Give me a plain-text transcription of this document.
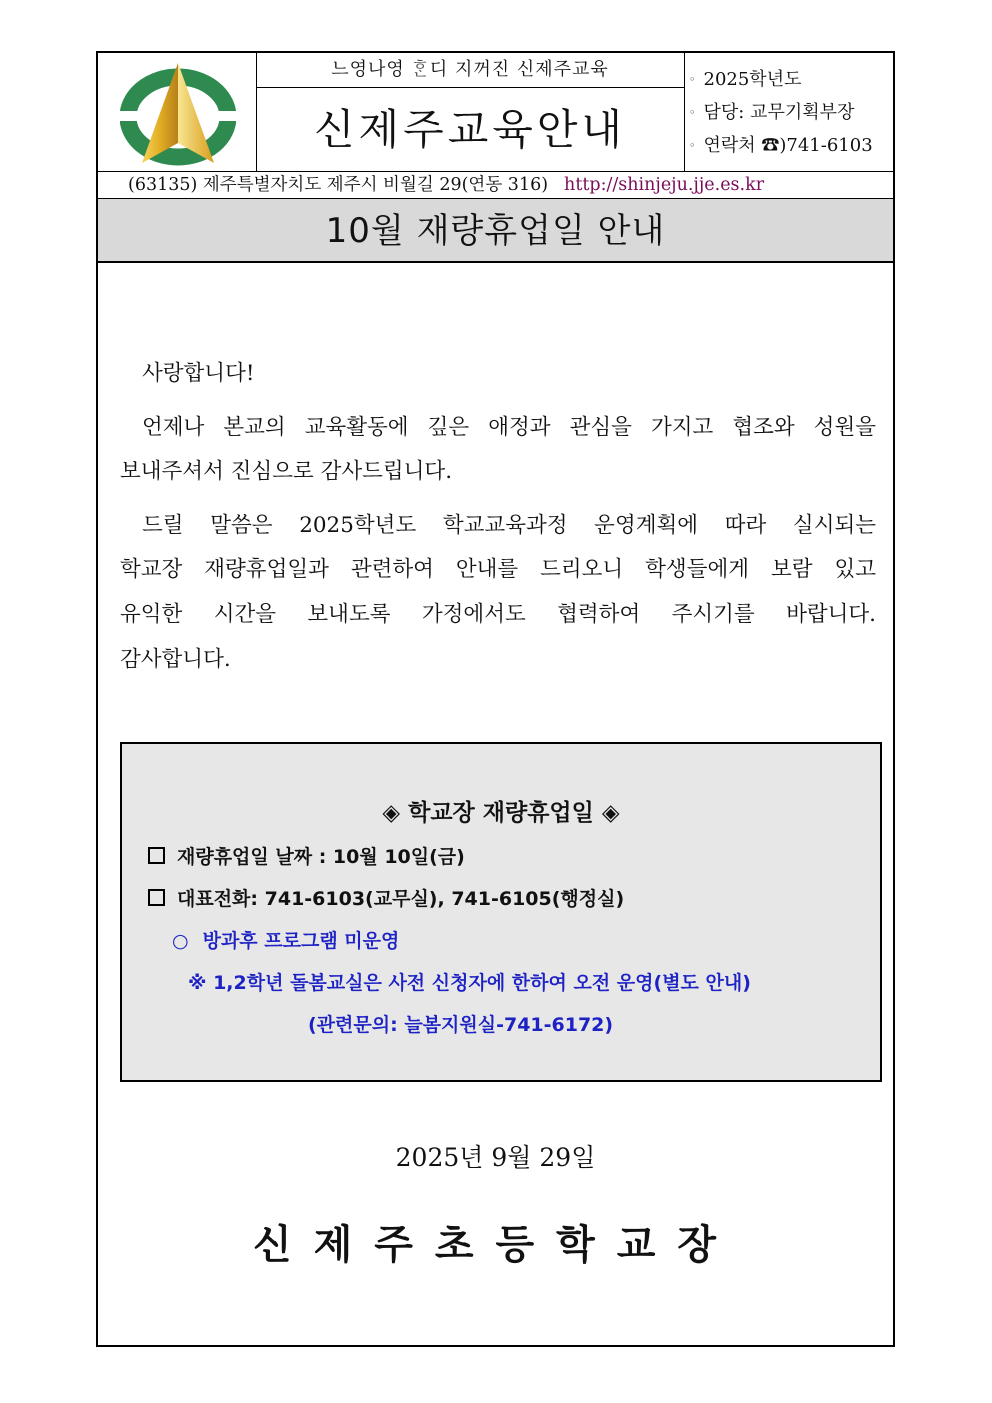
느영나영 ᄒᆞᆫ디 지꺼진 신제주교육
신제주교육안내
◦ 2025학년도
◦ 담당: 교무기획부장
◦ 연락처 ☎)741-6103
(63135) 제주특별자치도 제주시 비월길 29(연동 316) http://shinjeju.jje.es.kr
10월 재량휴업일 안내
사랑합니다!
언제나 본교의 교육활동에 깊은 애정과 관심을 가지고 협조와 성원을
보내주셔서 진심으로 감사드립니다.
드릴 말씀은 2025학년도 학교교육과정 운영계획에 따라 실시되는
학교장 재량휴업일과 관련하여 안내를 드리오니 학생들에게 보람 있고
유익한 시간을 보내도록 가정에서도 협력하여 주시기를 바랍니다.
감사합니다.
◈ 학교장 재량휴업일 ◈
재량휴업일 날짜 : 10월 10일(금)
대표전화: 741-6103(교무실), 741-6105(행정실)
○ 방과후 프로그램 미운영
※ 1,2학년 돌봄교실은 사전 신청자에 한하여 오전 운영(별도 안내)
(관련문의: 늘봄지원실-741-6172)
2025년 9월 29일
신제주초등학교장
